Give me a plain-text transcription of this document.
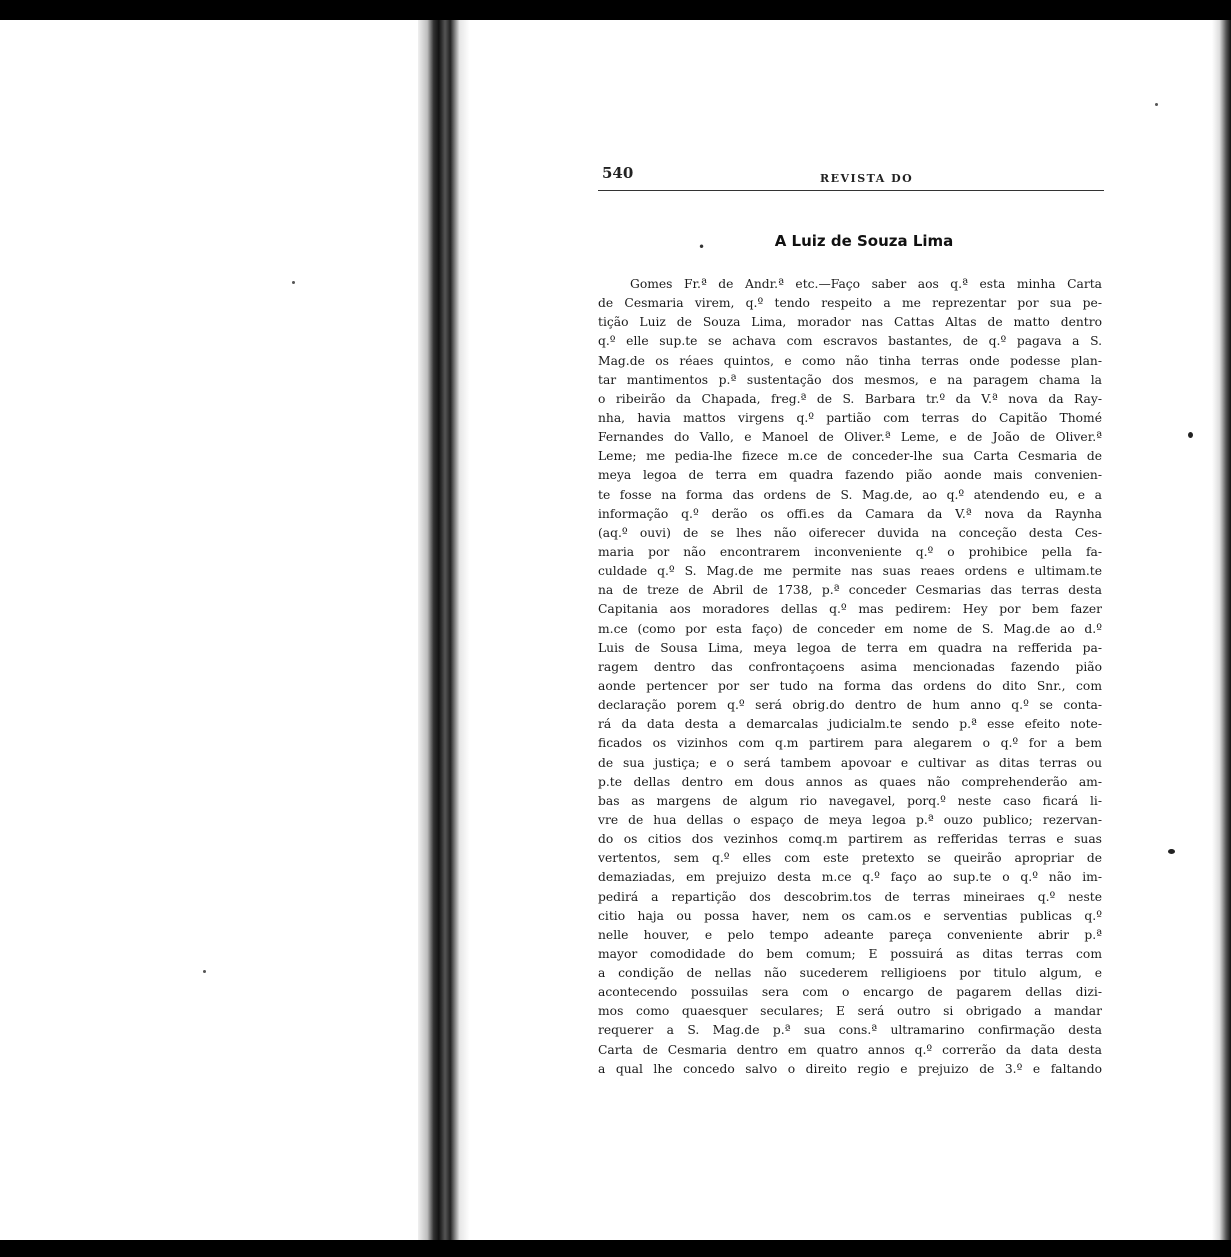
540	REVISTA DO
•	A Luiz de Souza Lima
Gomes Fr.ª de Andr.ª etc.—Faço saber aos q.ª esta minha Carta
de Cesmaria virem, q.º tendo respeito a me reprezentar por sua pe-
tição Luiz de Souza Lima, morador nas Cattas Altas de matto dentro
q.º elle sup.te se achava com escravos bastantes, de q.º pagava a S.
Mag.de os réaes quintos, e como não tinha terras onde podesse plan-
tar mantimentos p.ª sustentação dos mesmos, e na paragem chama la
o ribeirão da Chapada, freg.ª de S. Barbara tr.º da V.ª nova da Ray-
nha, havia mattos virgens q.º partião com terras do Capitão Thomé
Fernandes do Vallo, e Manoel de Oliver.ª Leme, e de João de Oliver.ª
Leme; me pedia-lhe fizece m.ce de conceder-lhe sua Carta Cesmaria de
meya legoa de terra em quadra fazendo pião aonde mais convenien-
te fosse na forma das ordens de S. Mag.de, ao q.º atendendo eu, e a
informação q.º derão os offi.es da Camara da V.ª nova da Raynha
(aq.º ouvi) de se lhes não oiferecer duvida na conceção desta Ces-
maria por não encontrarem inconveniente q.º o prohibice pella fa-
culdade q.º S. Mag.de me permite nas suas reaes ordens e ultimam.te
na de treze de Abril de 1738, p.ª conceder Cesmarias das terras desta
Capitania aos moradores dellas q.º mas pedirem: Hey por bem fazer
m.ce (como por esta faço) de conceder em nome de S. Mag.de ao d.º
Luis de Sousa Lima, meya legoa de terra em quadra na refferida pa-
ragem dentro das confrontaçoens asima mencionadas fazendo pião
aonde pertencer por ser tudo na forma das ordens do dito Snr., com
declaração porem q.º será obrig.do dentro de hum anno q.º se conta-
rá da data desta a demarcalas judicialm.te sendo p.ª esse efeito note-
ficados os vizinhos com q.m partirem para alegarem o q.º for a bem
de sua justiça; e o será tambem apovoar e cultivar as ditas terras ou
p.te dellas dentro em dous annos as quaes não comprehenderão am-
bas as margens de algum rio navegavel, porq.º neste caso ficará li-
vre de hua dellas o espaço de meya legoa p.ª ouzo publico; rezervan-
do os citios dos vezinhos comq.m partirem as refferidas terras e suas
vertentos, sem q.º elles com este pretexto se queirão apropriar de
demaziadas, em prejuizo desta m.ce q.º faço ao sup.te o q.º não im-
pedirá a repartição dos descobrim.tos de terras mineiraes q.º neste
citio haja ou possa haver, nem os cam.os e serventias publicas q.º
nelle houver, e pelo tempo adeante pareça conveniente abrir p.ª
mayor comodidade do bem comum; E possuirá as ditas terras com
a condição de nellas não sucederem relligioens por titulo algum, e
acontecendo possuilas sera com o encargo de pagarem dellas dizi-
mos como quaesquer seculares; E será outro si obrigado a mandar
requerer a S. Mag.de p.ª sua cons.ª ultramarino confirmação desta
Carta de Cesmaria dentro em quatro annos q.º correrão da data desta
a qual lhe concedo salvo o direito regio e prejuizo de 3.º e faltando
